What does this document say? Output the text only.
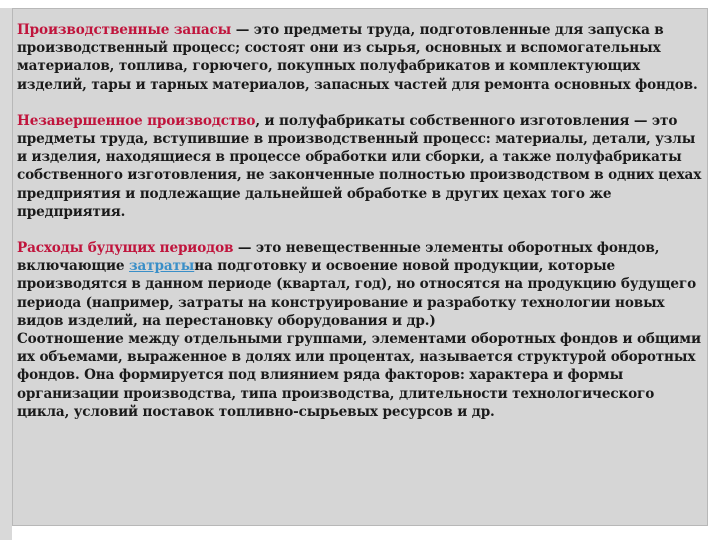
Производственные запасы — это предметы труда, подготовленные для запуска в производственный процесс; состоят они из сырья, основных и вспомогательных материалов, топлива, горючего, покупных полуфабрикатов и комплектующих изделий, тары и тарных материалов, запасных частей для ремонта основных фондов.

Незавершенное производство, и полуфабрикаты собственного изготовления — это предметы труда, вступившие в производственный процесс: материалы, детали, узлы и изделия, находящиеся в процессе обработки или сборки, а также полуфабрикаты собственного изготовления, не законченные полностью производством в одних цехах предприятия и подлежащие дальнейшей обработке в других цехах того же предприятия.

Расходы будущих периодов — это невещественные элементы оборотных фондов, включающие затратына подготовку и освоение новой продукции, которые производятся в данном периоде (квартал, год), но относятся на продукцию будущего периода (например, затраты на конструирование и разработку технологии новых видов изделий, на перестановку оборудования и др.)

Соотношение между отдельными группами, элементами оборотных фондов и общими их объемами, выраженное в долях или процентах, называется структурой оборотных фондов. Она формируется под влиянием ряда факторов: характера и формы организации производства, типа производства, длительности технологического цикла, условий поставок топливно-сырьевых ресурсов и др.
